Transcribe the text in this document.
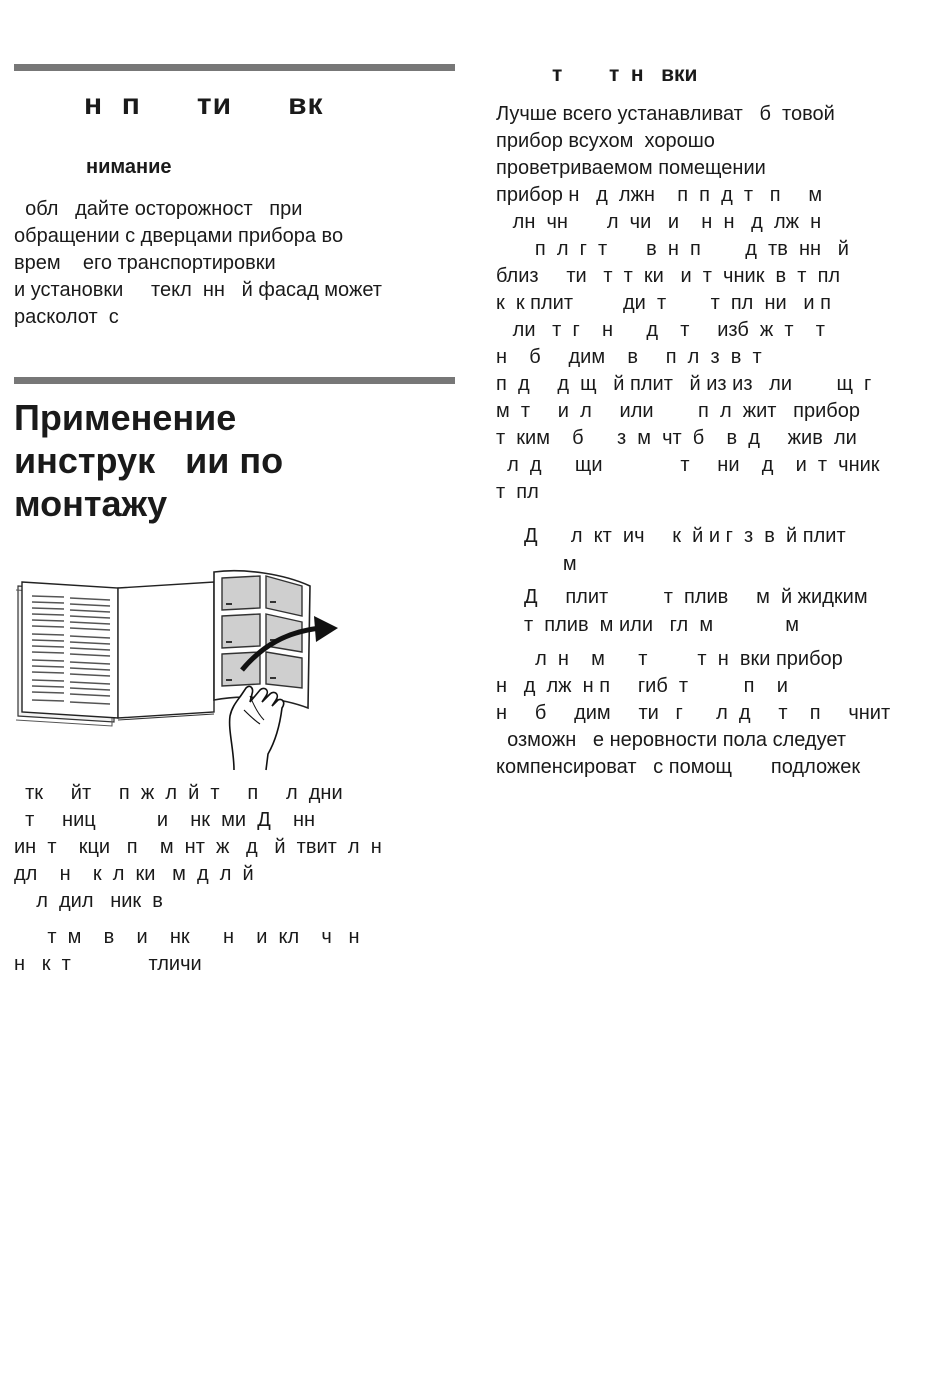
н  п      ти      вк
нимание
обл   дайте осторожност   при
обращении с дверцами прибора во
врем    его транспортировки
и установки     текл  нн   й фасад может
расколот  с
Применение
инструк   ии по
монтажу
тк     йт     п  ж  л  й  т     п     л  дни
т     ниц           и    нк  ми  Д    нн
ин  т    кци   п    м  нт  ж   д   й  твит  л  н
дл    н    к  л  ки   м  д  л  й
л  дил   ник  в
т  м    в    и    нк      н    и  кл    ч   н
н   к  т              тличи
т        т  н   вки
Лучше всего устанавливат   б  товой
прибор всухом  хорошо
проветриваемом помещении
прибор н   д  лжн    п  п  д  т   п     м
лн  чн       л  чи   и    н  н   д  лж  н
п  л  г  т       в  н  п        д  тв  нн   й
близ     ти   т  т  ки   и  т  чник  в  т  пл
к  к плит         ди  т        т  пл  ни   и п
ли   т  г    н      д    т     изб  ж  т    т
н    б     дим    в     п  л  з  в  т
п  д     д  щ   й плит   й из из   ли        щ  г
м  т     и  л     или        п  л  жит   прибор
т  ким    б      з  м  чт  б    в  д     жив  ли
л  д      щи              т     ни    д    и  т  чник
т  пл
Д      л  кт  ич     к  й и г  з  в  й плит
м
Д     плит          т  плив     м  й жидким
т  плив  м или   гл  м             м
л  н    м      т         т  н  вки прибор
н   д  лж  н п     гиб  т          п    и
н     б     дим     ти   г      л  д     т    п     чнит
озможн   е неровности пола следует
компенсироват   с помощ       подложек
